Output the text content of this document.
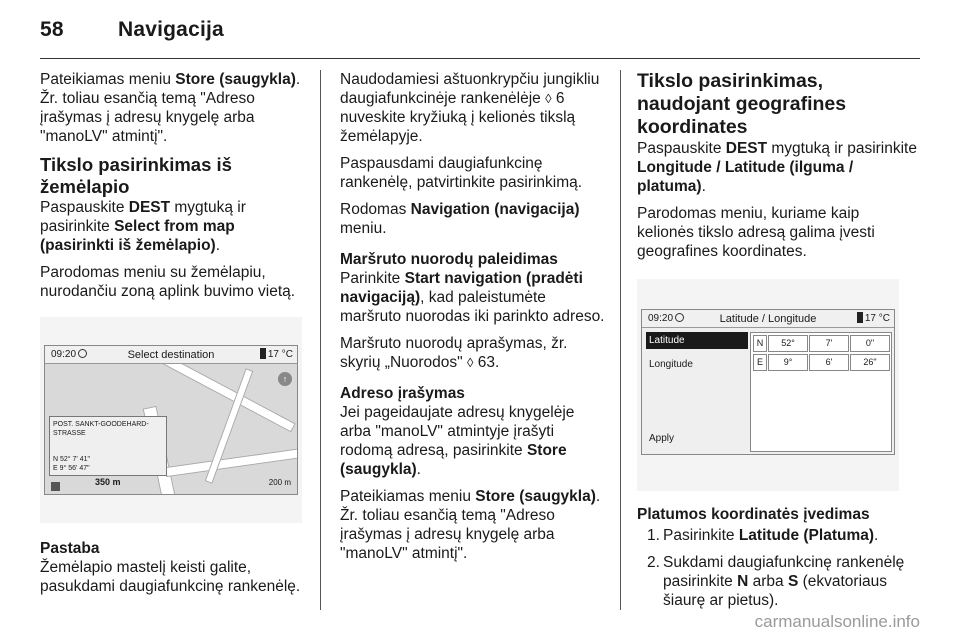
58	Navigacija

Pateikiamas meniu Store (saugykla). Žr. toliau esančią temą "Adreso įrašymas į adresų knygelę arba "manoLV" atmintį".

Tikslo pasirinkimas iš žemėlapio

Paspauskite DEST mygtuką ir pasirinkite Select from map (pasirinkti iš žemėlapio).

Parodomas meniu su žemėlapiu, nurodančiu zoną aplink buvimo vietą.

09:20	Select destination	17 °C
↑
POST. SANKT-GOODEHARD-STRASSE
N 52° 7' 41"
E 9° 56' 47"
350 m	200 m
Pastaba

Žemėlapio mastelį keisti galite, pasukdami daugiafunkcinę rankenėlę.

Naudodamiesi aštuonkrypčiu jungikliu daugiafunkcinėje rankenėlėje ◊ 6 nuveskite kryžiuką į kelionės tikslą žemėlapyje.

Paspausdami daugiafunkcinę rankenėlę, patvirtinkite pasirinkimą.

Rodomas Navigation (navigacija) meniu.

Maršruto nuorodų paleidimas

Parinkite Start navigation (pradėti navigaciją), kad paleistumėte maršruto nuorodas iki parinkto adreso.

Maršruto nuorodų aprašymas, žr. skyrių „Nuorodos" ◊ 63.

Adreso įrašymas

Jei pageidaujate adresų knygelėje arba "manoLV" atmintyje įrašyti rodomą adresą, pasirinkite Store (saugykla).

Pateikiamas meniu Store (saugykla). Žr. toliau esančią temą "Adreso įrašymas į adresų knygelę arba "manoLV" atmintį".

Tikslo pasirinkimas, naudojant geografines koordinates

Paspauskite DEST mygtuką ir pasirinkite Longitude / Latitude (ilguma / platuma).

Parodomas meniu, kuriame kaip kelionės tikslo adresą galima įvesti geografines koordinates.

09:20	Latitude / Longitude	17 °C
Latitude
Longitude
Apply
N	52°	7'	0"
E	9°	6'	26"
Platumos koordinatės įvedimas
1. Pasirinkite Latitude (Platuma).
2. Sukdami daugiafunkcinę rankenėlę pasirinkite N arba S (ekvatoriaus šiaurę ar pietus).
carmanualsonline.info
